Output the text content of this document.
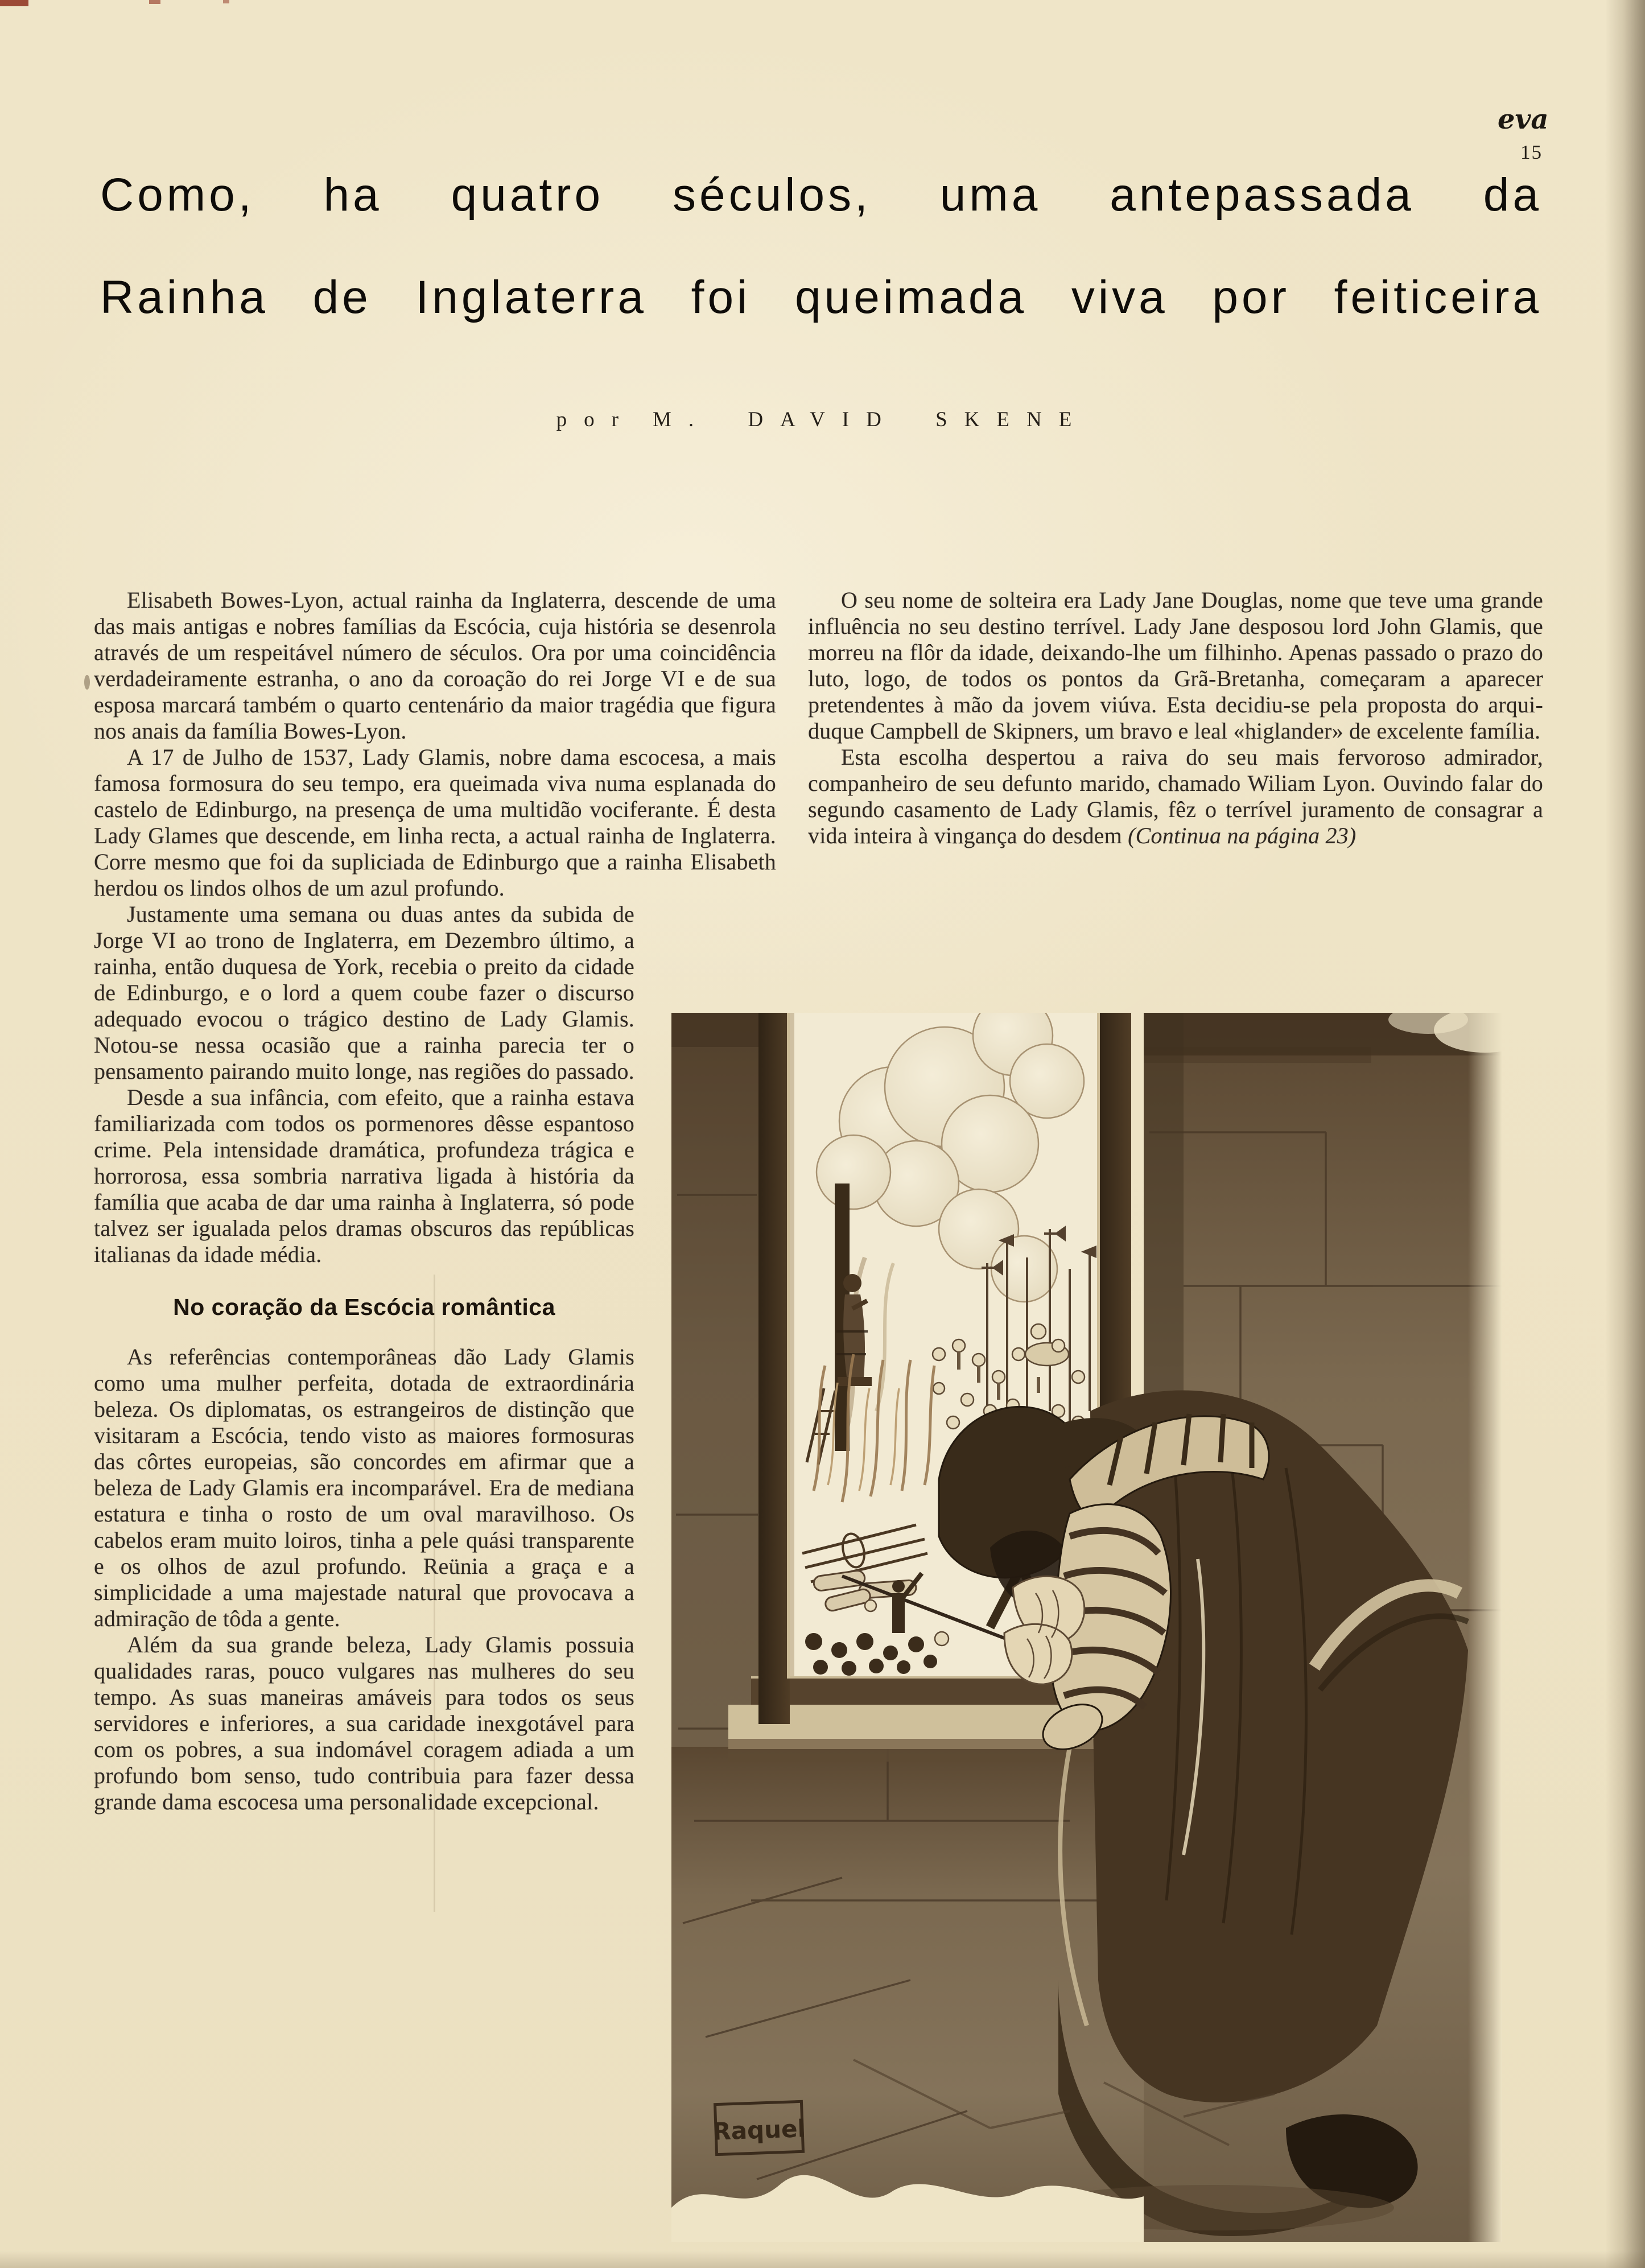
eva
15
Como, ha quatro séculos, uma antepassada da
Rainha de Inglaterra foi queimada viva por feiticeira
por M. DAVID SKENE

Elisabeth Bowes-Lyon, actual rainha da Inglaterra, descende de uma das mais antigas e nobres famílias da Escócia, cuja história se desenrola através de um respeitável número de séculos. Ora por uma coincidência verdadeiramente estranha, o ano da coroação do rei Jorge VI e de sua esposa marcará também o quarto centenário da maior tragédia que figura nos anais da família Bowes-Lyon.

A 17 de Julho de 1537, Lady Glamis, nobre dama escocesa, a mais famosa formosura do seu tempo, era queimada viva numa esplanada do castelo de Edinburgo, na presença de uma multidão vociferante. É desta Lady Glames que descende, em linha recta, a actual rainha de Inglaterra. Corre mesmo que foi da supliciada de Edinburgo que a rainha Elisabeth herdou os lindos olhos de um azul profundo.

Justamente uma semana ou duas antes da subida de Jorge VI ao trono de Inglaterra, em Dezembro último, a rainha, então duquesa de York, recebia o preito da cidade de Edinburgo, e o lord a quem coube fazer o discurso adequado evocou o trágico destino de Lady Glamis. Notou-se nessa ocasião que a rainha parecia ter o pensamento pairando muito longe, nas regiões do passado.

Desde a sua infância, com efeito, que a rainha estava familiarizada com todos os pormenores dêsse espantoso crime. Pela intensidade dramática, profundeza trágica e horrorosa, essa sombria narrativa ligada à história da família que acaba de dar uma rainha à Inglaterra, só pode talvez ser igualada pelos dramas obscuros das repúblicas italianas da idade média.

No coração da Escócia romântica

As referências contemporâneas dão Lady Glamis como uma mulher perfeita, dotada de extraordinária beleza. Os diplomatas, os estrangeiros de distinção que visitaram a Escócia, tendo visto as maiores formosuras das côrtes europeias, são concordes em afirmar que a beleza de Lady Glamis era incomparável. Era de mediana estatura e tinha o rosto de um oval maravilhoso. Os cabelos eram muito loiros, tinha a pele quási transparente e os olhos de azul profundo. Reünia a graça e a simplicidade a uma majestade natural que provocava a admiração de tôda a gente.

Além da sua grande beleza, Lady Glamis possuia qualidades raras, pouco vulgares nas mulheres do seu tempo. As suas maneiras amáveis para todos os seus servidores e inferiores, a sua caridade inexgotável para com os pobres, a sua indomável coragem adiada a um profundo bom senso, tudo contribuia para fazer dessa grande dama escocesa uma personalidade excepcional.

O seu nome de solteira era Lady Jane Douglas, nome que teve uma grande influência no seu destino terrível. Lady Jane desposou lord John Glamis, que morreu na flôr da idade, deixando-lhe um filhinho. Apenas passado o prazo do luto, logo, de todos os pontos da Grã-Bretanha, começaram a aparecer pretendentes à mão da jovem viúva. Esta decidiu-se pela proposta do arqui-duque Campbell de Skipners, um bravo e leal «higlander» de excelente família.

Esta escolha despertou a raiva do seu mais fervoroso admirador, companheiro de seu defunto marido, chamado Wiliam Lyon. Ouvindo falar do segundo casamento de Lady Glamis, fêz o terrível juramento de consagrar a vida inteira à vingança do desdem (Continua na página 23)

Raquel
